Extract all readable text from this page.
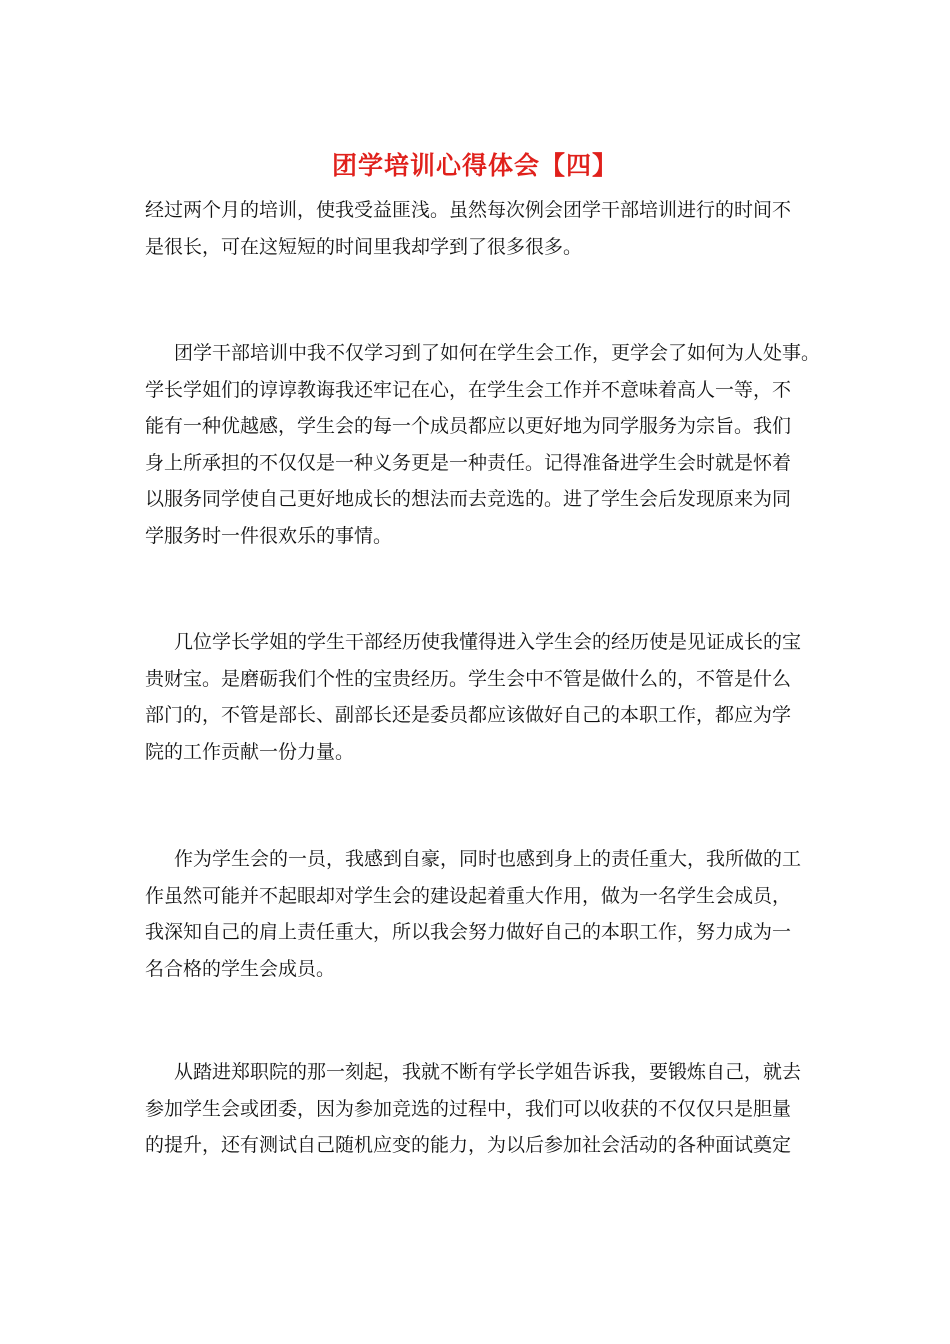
团学培训心得体会【四】

经过两个月的培训，使我受益匪浅。虽然每次例会团学干部培训进行的时间不
是很长，可在这短短的时间里我却学到了很多很多。

团学干部培训中我不仅学习到了如何在学生会工作，更学会了如何为人处事。
学长学姐们的谆谆教诲我还牢记在心，在学生会工作并不意味着高人一等，不
能有一种优越感，学生会的每一个成员都应以更好地为同学服务为宗旨。我们
身上所承担的不仅仅是一种义务更是一种责任。记得准备进学生会时就是怀着
以服务同学使自己更好地成长的想法而去竞选的。进了学生会后发现原来为同
学服务时一件很欢乐的事情。

几位学长学姐的学生干部经历使我懂得进入学生会的经历使是见证成长的宝
贵财宝。是磨砺我们个性的宝贵经历。学生会中不管是做什么的，不管是什么
部门的，不管是部长、副部长还是委员都应该做好自己的本职工作，都应为学
院的工作贡献一份力量。

作为学生会的一员，我感到自豪，同时也感到身上的责任重大，我所做的工
作虽然可能并不起眼却对学生会的建设起着重大作用，做为一名学生会成员，
我深知自己的肩上责任重大，所以我会努力做好自己的本职工作，努力成为一
名合格的学生会成员。

从踏进郑职院的那一刻起，我就不断有学长学姐告诉我，要锻炼自己，就去
参加学生会或团委，因为参加竞选的过程中，我们可以收获的不仅仅只是胆量
的提升，还有测试自己随机应变的能力，为以后参加社会活动的各种面试奠定
